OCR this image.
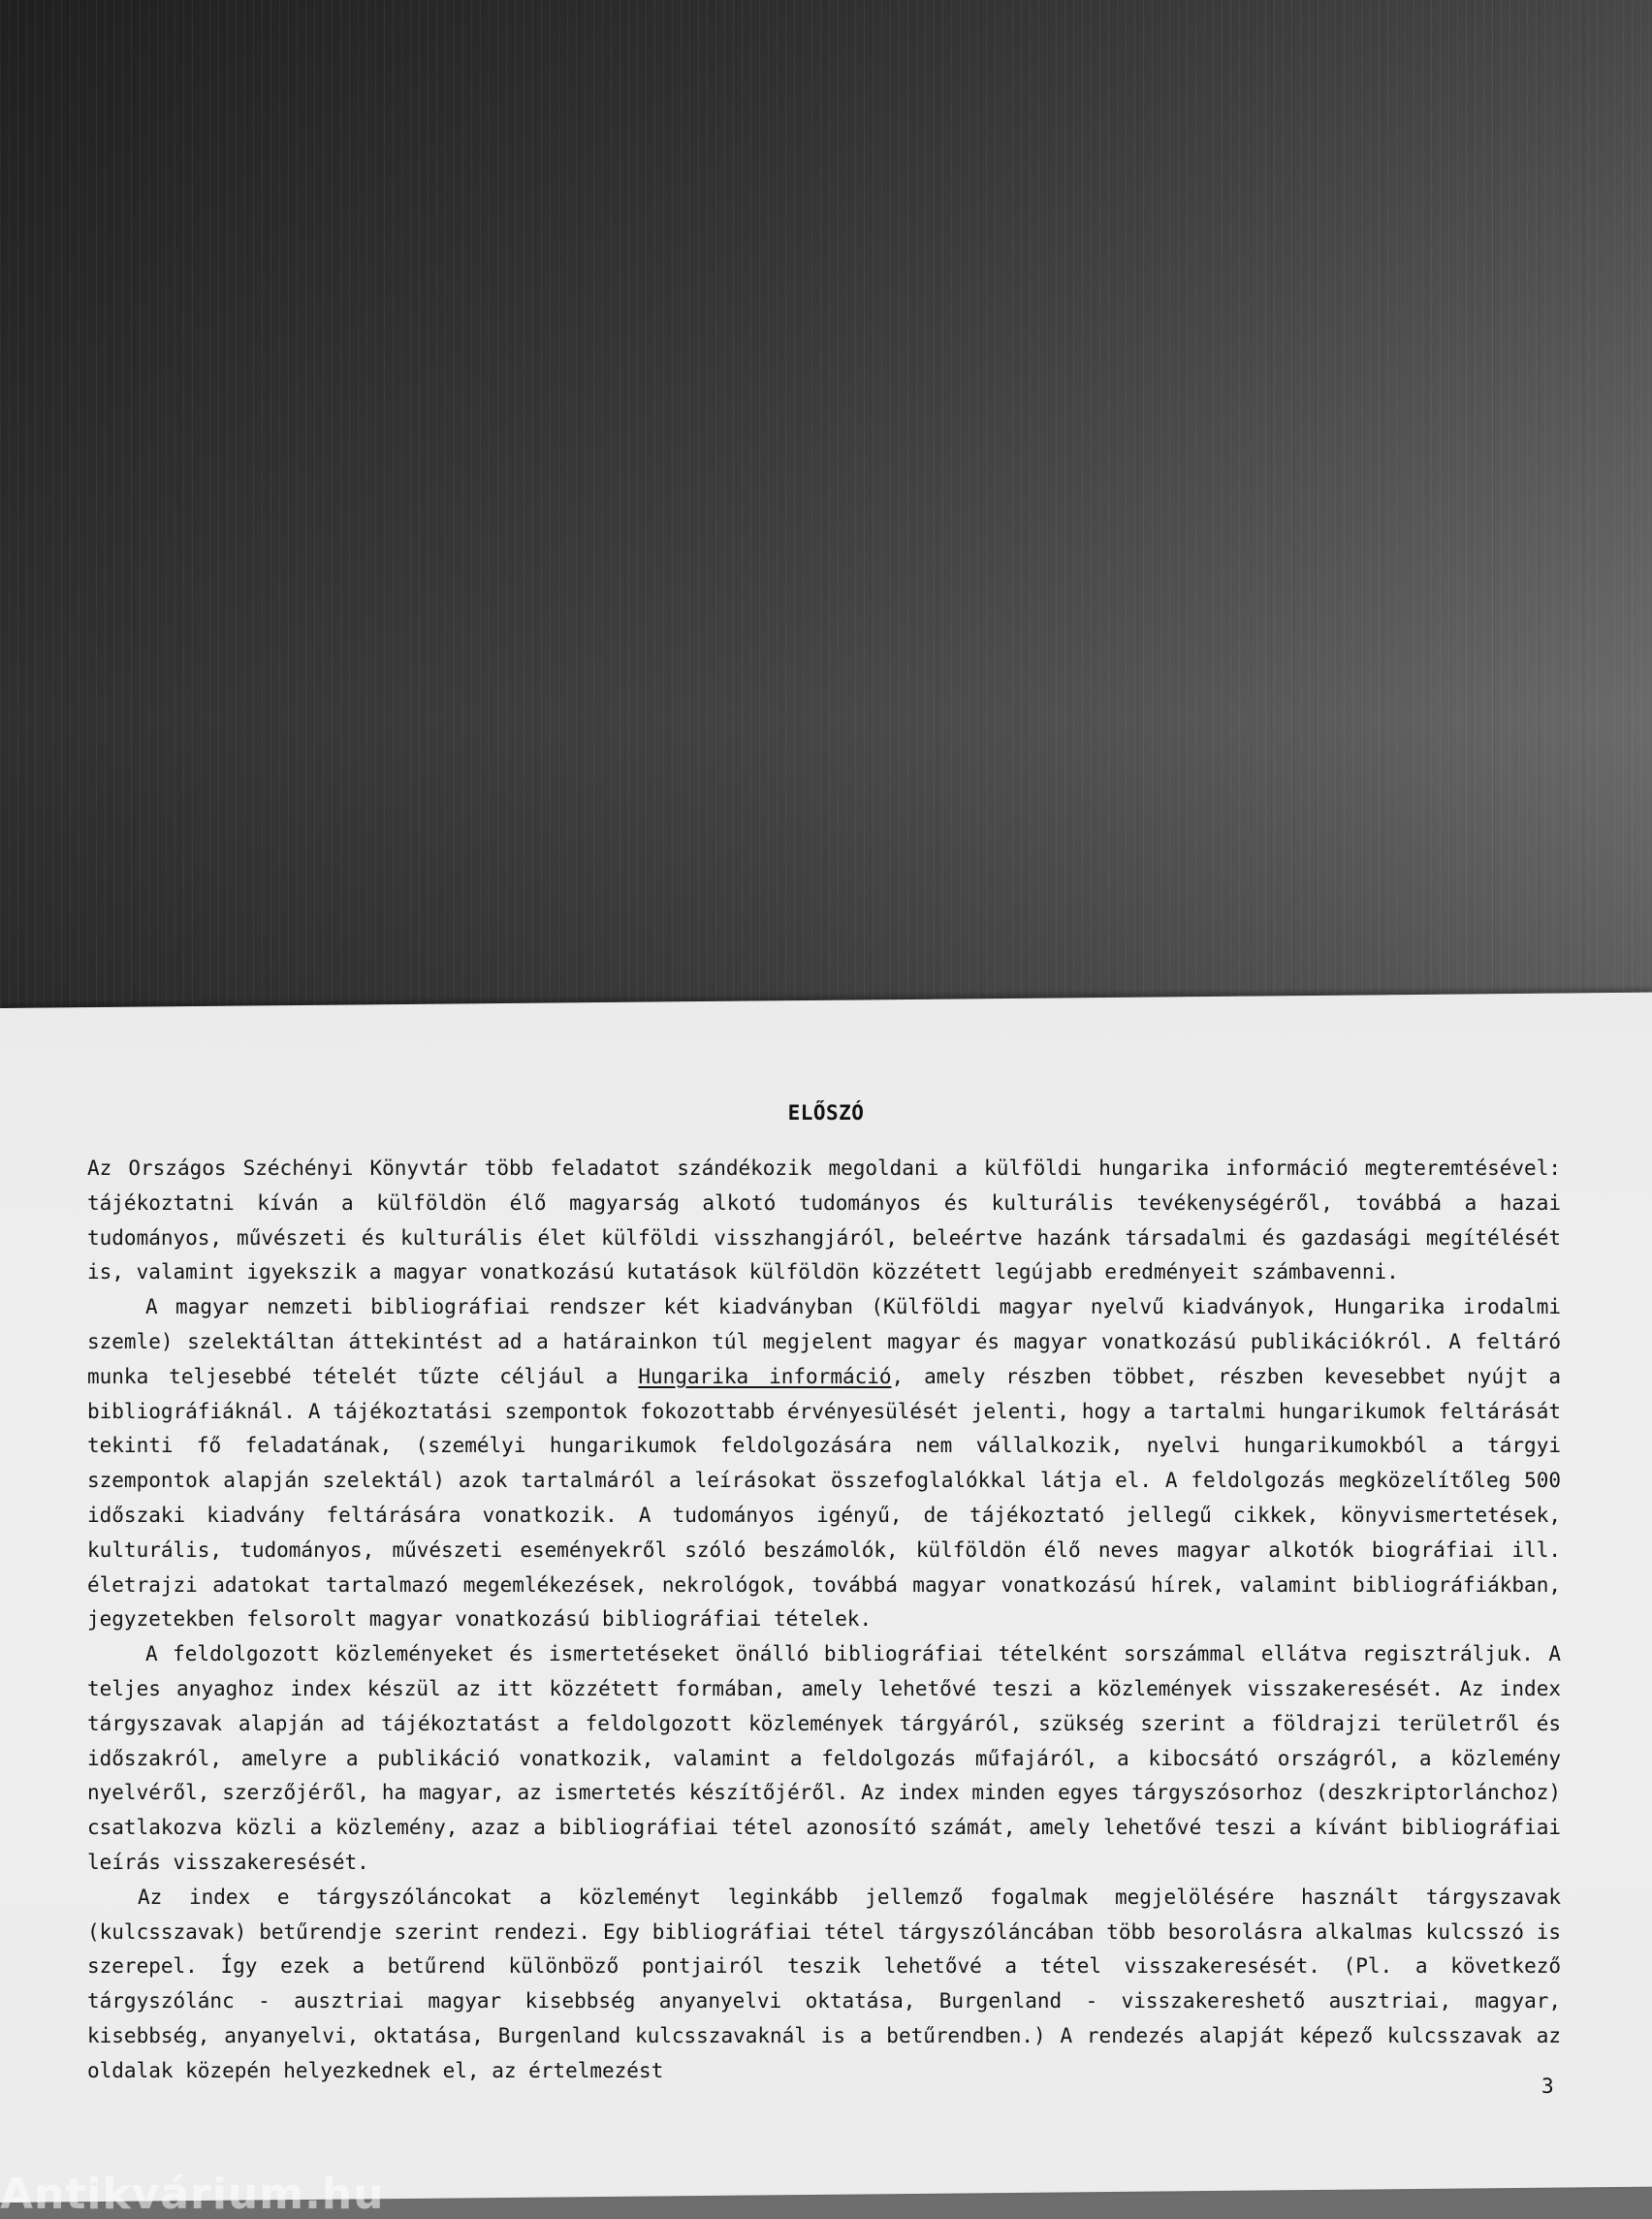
ELŐSZÓ

Az Országos Széchényi Könyvtár több feladatot szándékozik megoldani a külföldi hungarika információ megteremtésével: tájékoztatni kíván a külföldön élő magyarság alkotó tudományos és kulturális tevékenységéről, továbbá a hazai tudományos, művészeti és kulturális élet külföldi visszhangjáról, beleértve hazánk társadalmi és gazdasági megítélését is, valamint igyekszik a magyar vonatkozású kutatások külföldön közzétett legújabb eredményeit számbavenni.

A magyar nemzeti bibliográfiai rendszer két kiadványban (Külföldi magyar nyelvű kiadványok, Hungarika irodalmi szemle) szelektáltan áttekintést ad a határainkon túl megjelent magyar és magyar vonatkozású publikációkról. A feltáró munka teljesebbé tételét tűzte céljául a Hungarika információ, amely részben többet, részben kevesebbet nyújt a bibliográfiáknál. A tájékoztatási szempontok fokozottabb érvényesülését jelenti, hogy a tartalmi hungarikumok feltárását tekinti fő feladatának, (személyi hungarikumok feldolgozására nem vállalkozik, nyelvi hungarikumokból a tárgyi szempontok alapján szelektál) azok tartalmáról a leírásokat összefoglalókkal látja el. A feldolgozás megközelítőleg 500 időszaki kiadvány feltárására vonatkozik. A tudományos igényű, de tájékoztató jellegű cikkek, könyvismertetések, kulturális, tudományos, művészeti eseményekről szóló beszámolók, külföldön élő neves magyar alkotók biográfiai ill. életrajzi adatokat tartalmazó megemlékezések, nekrológok, továbbá magyar vonatkozású hírek, valamint bibliográfiákban, jegyzetekben felsorolt magyar vonatkozású bibliográfiai tételek.

A feldolgozott közleményeket és ismertetéseket önálló bibliográfiai tételként sorszámmal ellátva regisztráljuk. A teljes anyaghoz index készül az itt közzétett formában, amely lehetővé teszi a közlemények visszakeresését. Az index tárgyszavak alapján ad tájékoztatást a feldolgozott közlemények tárgyáról, szükség szerint a földrajzi területről és időszakról, amelyre a publikáció vonatkozik, valamint a feldolgozás műfajáról, a kibocsátó országról, a közlemény nyelvéről, szerzőjéről, ha magyar, az ismertetés készítőjéről. Az index minden egyes tárgyszósorhoz (deszkriptorlánchoz) csatlakozva közli a közlemény, azaz a bibliográfiai tétel azonosító számát, amely lehetővé teszi a kívánt bibliográfiai leírás visszakeresését.

Az index e tárgyszóláncokat a közleményt leginkább jellemző fogalmak megjelölésére használt tárgyszavak (kulcsszavak) betűrendje szerint rendezi. Egy bibliográfiai tétel tárgyszóláncában több besorolásra alkalmas kulcsszó is szerepel. Így ezek a betűrend különböző pontjairól teszik lehetővé a tétel visszakeresését. (Pl. a következő tárgyszólánc - ausztriai magyar kisebbség anyanyelvi oktatása, Burgenland - visszakereshető ausztriai, magyar, kisebbség, anyanyelvi, oktatása, Burgenland kulcsszavaknál is a betűrendben.) A rendezés alapját képező kulcsszavak az oldalak közepén helyezkednek el, az értelmezést

3
Antikvárium.hu
